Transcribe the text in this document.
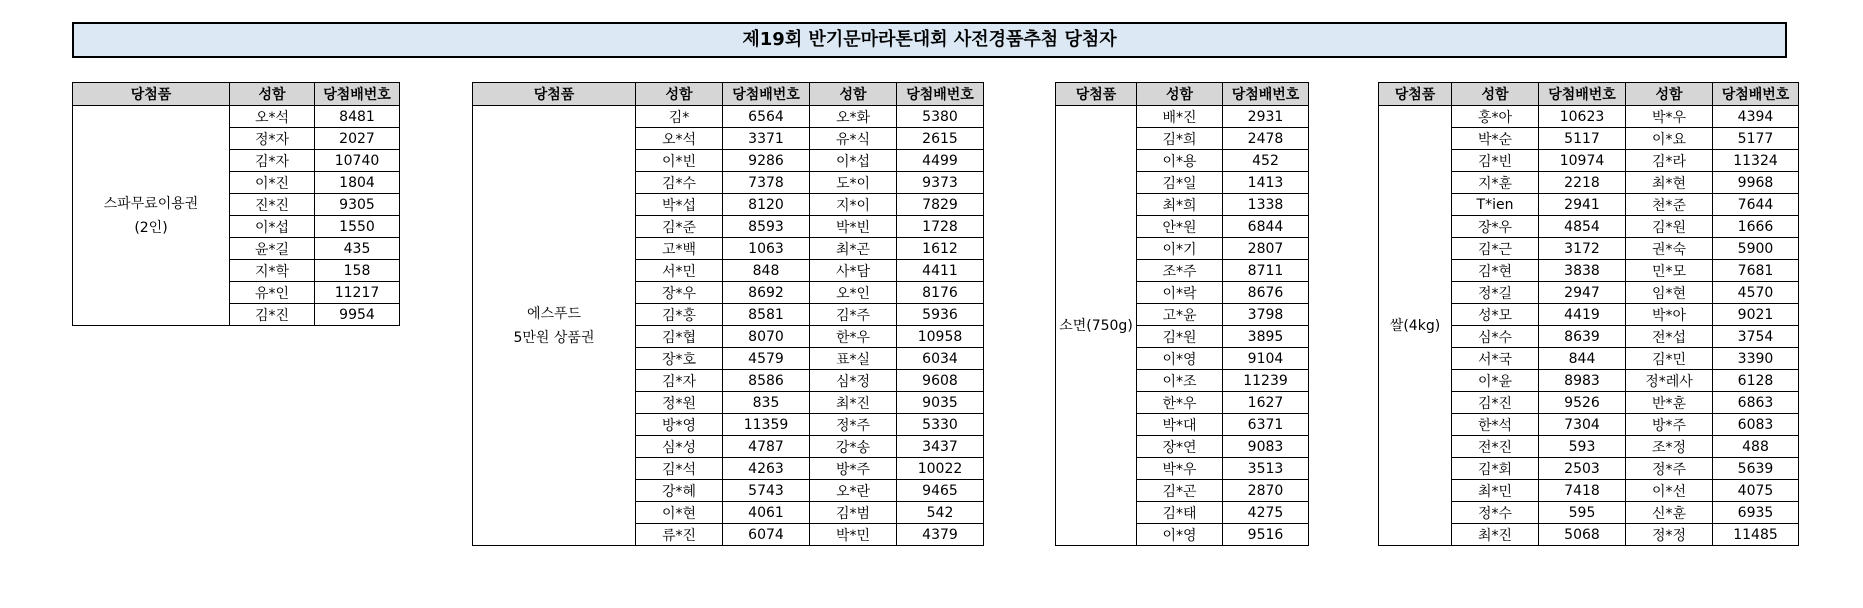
제19회 반기문마라톤대회 사전경품추첨 당첨자
당첨품	성함	당첨배번호

스파무료이용권
(2인)	오*석	8481
	정*자	2027
	김*자	10740
	이*진	1804
	진*진	9305
	이*섭	1550
	윤*길	435
	지*학	158
	유*인	11217
	김*진	9954
당첨품	성함	당첨배번호	성함	당첨배번호

에스푸드
5만원 상품권	김*	6564	오*화	5380
	오*석	3371	유*식	2615
	이*빈	9286	이*섭	4499
	김*수	7378	도*이	9373
	박*섭	8120	지*이	7829
	김*준	8593	박*빈	1728
	고*백	1063	최*곤	1612
	서*민	848	사*담	4411
	장*우	8692	오*인	8176
	김*홍	8581	김*주	5936
	김*협	8070	한*우	10958
	장*호	4579	표*실	6034
	김*자	8586	심*정	9608
	정*원	835	최*진	9035
	방*영	11359	정*주	5330
	심*성	4787	강*송	3437
	김*석	4263	방*주	10022
	강*혜	5743	오*란	9465
	이*현	4061	김*범	542
	류*진	6074	박*민	4379
당첨품	성함	당첨배번호

소면(750g)	배*진	2931
	김*희	2478
	이*용	452
	김*일	1413
	최*희	1338
	안*원	6844
	이*기	2807
	조*주	8711
	이*락	8676
	고*윤	3798
	김*원	3895
	이*영	9104
	이*조	11239
	한*우	1627
	박*대	6371
	장*연	9083
	박*우	3513
	김*곤	2870
	김*태	4275
	이*영	9516
당첨품	성함	당첨배번호	성함	당첨배번호

쌀(4kg)	홍*아	10623	박*우	4394
	박*순	5117	이*요	5177
	김*빈	10974	김*라	11324
	지*훈	2218	최*현	9968
	T*ien	2941	천*준	7644
	장*우	4854	김*원	1666
	김*근	3172	권*숙	5900
	김*현	3838	민*모	7681
	정*길	2947	임*현	4570
	성*모	4419	박*아	9021
	심*수	8639	전*섭	3754
	서*국	844	김*민	3390
	이*윤	8983	정*레사	6128
	김*진	9526	반*훈	6863
	한*석	7304	방*주	6083
	전*진	593	조*정	488
	김*회	2503	정*주	5639
	최*민	7418	이*선	4075
	정*수	595	신*훈	6935
	최*진	5068	정*정	11485
